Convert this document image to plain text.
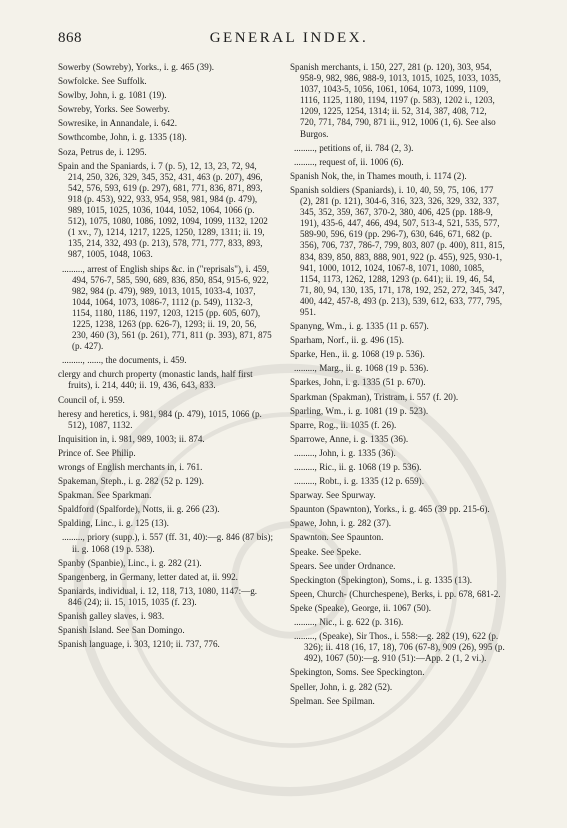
868	GENERAL INDEX.
Sowerby (Sowreby), Yorks., i. g. 465 (39).
Sowfolcke. See Suffolk.
Sowlby, John, i. g. 1081 (19).
Sowreby, Yorks. See Sowerby.
Sowresike, in Annandale, i. 642.
Sowthcombe, John, i. g. 1335 (18).
Soza, Petrus de, i. 1295.
Spain and the Spaniards, i. 7 (p. 5), 12, 13, 23, 72, 94, 214, 250, 326, 329, 345, 352, 431, 463 (p. 207), 496, 542, 576, 593, 619 (p. 297), 681, 771, 836, 871, 893, 918 (p. 453), 922, 933, 954, 958, 981, 984 (p. 479), 989, 1015, 1025, 1036, 1044, 1052, 1064, 1066 (p. 512), 1075, 1080, 1086, 1092, 1094, 1099, 1132, 1202 (1 xv., 7), 1214, 1217, 1225, 1250, 1289, 1311; ii. 19, 135, 214, 332, 493 (p. 213), 578, 771, 777, 833, 893, 987, 1005, 1048, 1063.
........., arrest of English ships &c. in ("reprisals"), i. 459, 494, 576-7, 585, 590, 689, 836, 850, 854, 915-6, 922, 982, 984 (p. 479), 989, 1013, 1015, 1033-4, 1037, 1044, 1064, 1073, 1086-7, 1112 (p. 549), 1132-3, 1154, 1180, 1186, 1197, 1203, 1215 (pp. 605, 607), 1225, 1238, 1263 (pp. 626-7), 1293; ii. 19, 20, 56, 230, 460 (3), 561 (p. 261), 771, 811 (p. 393), 871, 875 (p. 427).
........., ......, the documents, i. 459.
clergy and church property (monastic lands, half first fruits), i. 214, 440; ii. 19, 436, 643, 833.
Council of, i. 959.
heresy and heretics, i. 981, 984 (p. 479), 1015, 1066 (p. 512), 1087, 1132.
Inquisition in, i. 981, 989, 1003; ii. 874.
Prince of. See Philip.
wrongs of English merchants in, i. 761.
Spakeman, Steph., i. g. 282 (52 p. 129).
Spakman. See Sparkman.
Spaldford (Spalforde), Notts, ii. g. 266 (23).
Spalding, Linc., i. g. 125 (13).
........., priory (supp.), i. 557 (ff. 31, 40):—g. 846 (87 bis); ii. g. 1068 (19 p. 538).
Spanby (Spanbie), Linc., i. g. 282 (21).
Spangenberg, in Germany, letter dated at, ii. 992.
Spaniards, individual, i. 12, 118, 713, 1080, 1147:—g. 846 (24); ii. 15, 1015, 1035 (f. 23).
Spanish galley slaves, i. 983.
Spanish Island. See San Domingo.
Spanish language, i. 303, 1210; ii. 737, 776.
Spanish merchants, i. 150, 227, 281 (p. 120), 303, 954, 958-9, 982, 986, 988-9, 1013, 1015, 1025, 1033, 1035, 1037, 1043-5, 1056, 1061, 1064, 1073, 1099, 1109, 1116, 1125, 1180, 1194, 1197 (p. 583), 1202 i., 1203, 1209, 1225, 1254, 1314; ii. 52, 314, 387, 408, 712, 720, 771, 784, 790, 871 ii., 912, 1006 (1, 6). See also Burgos.
........., petitions of, ii. 784 (2, 3).
........., request of, ii. 1006 (6).
Spanish Nok, the, in Thames mouth, i. 1174 (2).
Spanish soldiers (Spaniards), i. 10, 40, 59, 75, 106, 177 (2), 281 (p. 121), 304-6, 316, 323, 326, 329, 332, 337, 345, 352, 359, 367, 370-2, 380, 406, 425 (pp. 188-9, 191), 435-6, 447, 466, 494, 507, 513-4, 521, 535, 577, 589-90, 596, 619 (pp. 296-7), 630, 646, 671, 682 (p. 356), 706, 737, 786-7, 799, 803, 807 (p. 400), 811, 815, 834, 839, 850, 883, 888, 901, 922 (p. 455), 925, 930-1, 941, 1000, 1012, 1024, 1067-8, 1071, 1080, 1085, 1154, 1173, 1262, 1288, 1293 (p. 641); ii. 19, 46, 54, 71, 80, 94, 130, 135, 171, 178, 192, 252, 272, 345, 347, 400, 442, 457-8, 493 (p. 213), 539, 612, 633, 777, 795, 951.
Spanyng, Wm., i. g. 1335 (11 p. 657).
Sparham, Norf., ii. g. 496 (15).
Sparke, Hen., ii. g. 1068 (19 p. 536).
........., Marg., ii. g. 1068 (19 p. 536).
Sparkes, John, i. g. 1335 (51 p. 670).
Sparkman (Spakman), Tristram, i. 557 (f. 20).
Sparling, Wm., i. g. 1081 (19 p. 523).
Sparre, Rog., ii. 1035 (f. 26).
Sparrowe, Anne, i. g. 1335 (36).
........., John, i. g. 1335 (36).
........., Ric., ii. g. 1068 (19 p. 536).
........., Robt., i. g. 1335 (12 p. 659).
Sparway. See Spurway.
Spaunton (Spawnton), Yorks., i. g. 465 (39 pp. 215-6).
Spawe, John, i. g. 282 (37).
Spawnton. See Spaunton.
Speake. See Speke.
Spears. See under Ordnance.
Speckington (Spekington), Soms., i. g. 1335 (13).
Speen, Church- (Churchespene), Berks, i. pp. 678, 681-2.
Speke (Speake), George, ii. 1067 (50).
........., Nic., i. g. 622 (p. 316).
........., (Speake), Sir Thos., i. 558:—g. 282 (19), 622 (p. 326); ii. 418 (16, 17, 18), 706 (67-8), 909 (26), 995 (p. 492), 1067 (50):—g. 910 (51):—App. 2 (1, 2 vi.).
Spekington, Soms. See Speckington.
Speller, John, i. g. 282 (52).
Spelman. See Spilman.
